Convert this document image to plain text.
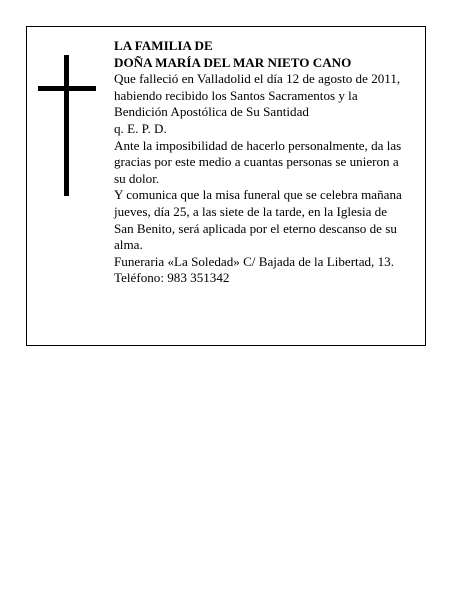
LA FAMILIA DE
DOÑA MARÍA DEL MAR NIETO CANO
Que falleció en Valladolid el día 12 de agosto de 2011,
habiendo recibido los Santos Sacramentos y la
Bendición Apostólica de Su Santidad
q. E. P. D.
Ante la imposibilidad de hacerlo personalmente, da las
gracias por este medio a cuantas personas se unieron a
su dolor.
Y comunica que la misa funeral que se celebra mañana
jueves, día 25, a las siete de la tarde, en la Iglesia de
San Benito, será aplicada por el eterno descanso de su
alma.
Funeraria «La Soledad» C/ Bajada de la Libertad, 13.
Teléfono: 983 351342
